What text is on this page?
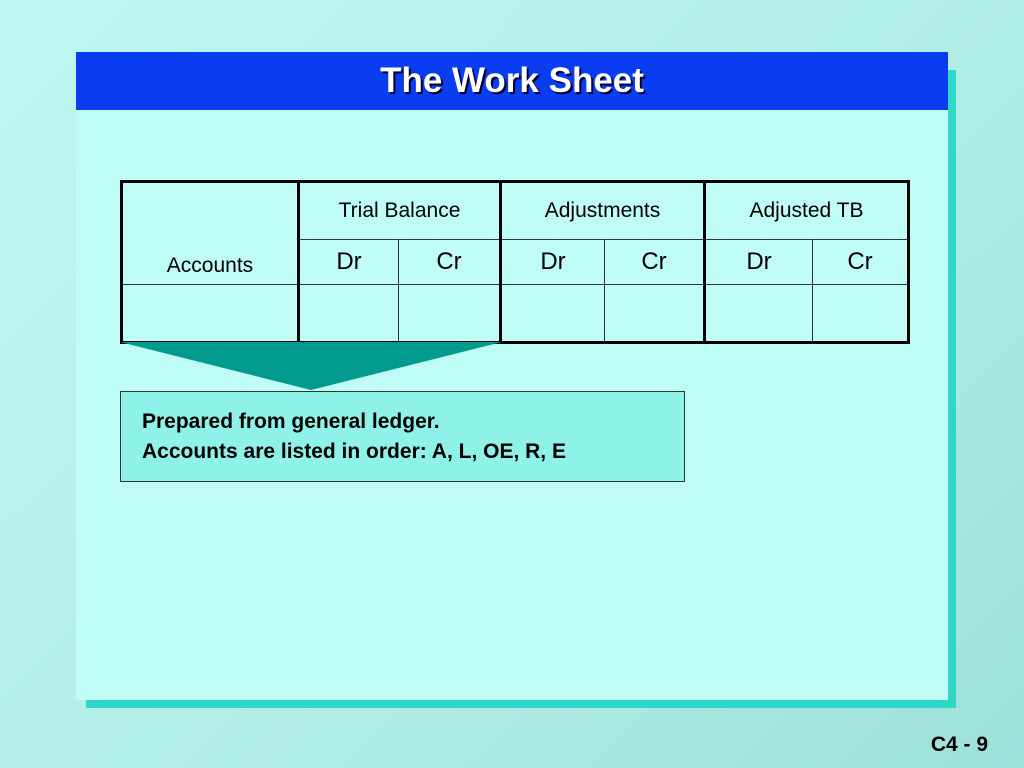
The Work Sheet
Accounts	Trial Balance		Adjustments		Adjusted TB	
	Dr	Cr	Dr	Cr	Dr	Cr

Prepared from general ledger.
Accounts are listed in order: A, L, OE, R, E
C4 - 9
